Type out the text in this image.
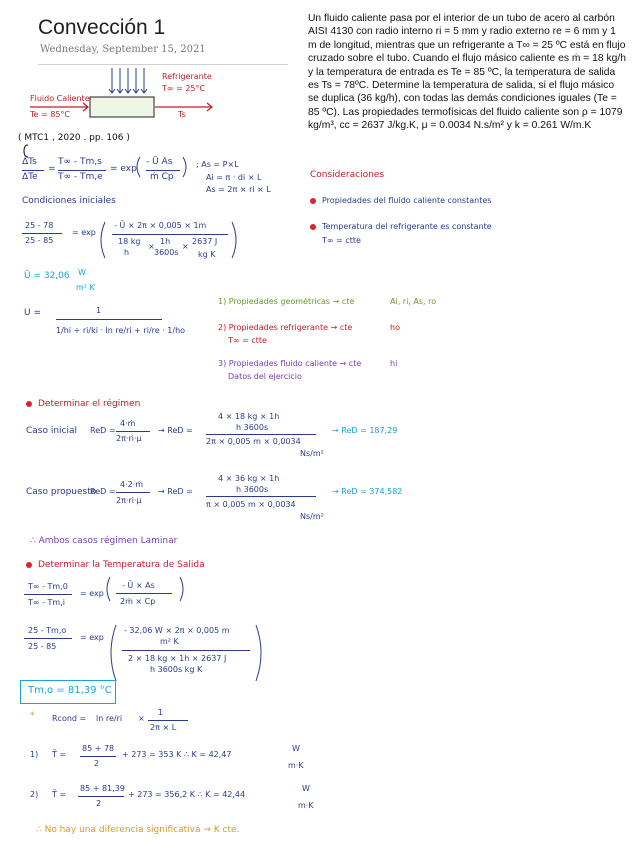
Convección 1
Wednesday, September 15, 2021
Un fluido caliente pasa por el interior de un tubo de acero al carbón AISI 4130 con radio interno ri = 5 mm y radio externo re = 6 mm y 1 m de longitud, mientras que un refrigerante a T∞ = 25 ºC está en flujo cruzado sobre el tubo. Cuando el flujo másico caliente es ṁ = 18 kg/h y la temperatura de entrada es Te = 85 ºC, la temperatura de salida es Ts = 78ºC. Determine la temperatura de salida, si el flujo másico se duplica (36 kg/h), con todas las demás condiciones iguales (Te = 85 ºC). Las propiedades termofísicas del fluido caliente son ρ = 1079 kg/m³, cc = 2637 J/kg.K, μ = 0.0034 N.s/m² y k = 0.261 W/m.K
Refrigerante
T∞ = 25°C
Fluido Caliente
Te = 85°C	Ts
( MTC1 , 2020 . pp. 106 )
ΔTs
ΔTe
=
T∞ - Tm,s
T∞ - Tm,e
= exp
- Ū As
ṁ Cp
; As = P×L
Ai = π · di × L
As = 2π × ri × L
Condiciones iniciales
25 - 78
25 - 85
= exp
- Ū × 2π × 0,005 × 1m
18 kg
h
×
1h
3600s
×
2637 J
kg K
Ū = 32,06 W
m² K
U =	1
1/hi + ri/ki · ln re/ri + ri/re · 1/ho
Consideraciones
Propiedades del fluido caliente constantes
Temperatura del refrigerante es constante
T∞ = ctte
1) Propiedades geométricas → cte	Ai, ri, As, ro
2) Propiedades refrigerante → cte
T∞ = ctte
ho
3) Propiedades fluido caliente → cte
Datos del ejercicio
hi
Determinar el régimen
Caso inicial ReD =
4·ṁ
2π·ri·μ
→ ReD =
4 × 18 kg × 1h
h 3600s
2π × 0,005 m × 0,0034
Ns/m²
→ ReD = 187,29
Caso propuesto
ReD =
4·2·ṁ
2π·ri·μ
→ ReD =
4 × 36 kg × 1h
h 3600s
π × 0,005 m × 0,0034
Ns/m²
→ ReD = 374,582
∴ Ambos casos régimen Laminar
Determinar la Temperatura de Salida
T∞ - Tm,0
T∞ - Tm,i
= exp
- Ū × As
2ṁ × Cp
25 - Tm,o
25 - 85
= exp
- 32,06 W × 2π × 0,005 m
m² K
2 × 18 kg × 1h × 2637 J
h 3600s kg K
Tm,o = 81,39 °C
* Rcond = ln re/ri ×
1
2π × L
1) T̄ =
85 + 78
2
+ 273 = 353 K ∴ K = 42,47
W
m·K
2) T̄ =
85 + 81,39
2
+ 273 = 356,2 K ∴ K = 42,44
W
m·K
∴ No hay una diferencia significativa → K cte.
